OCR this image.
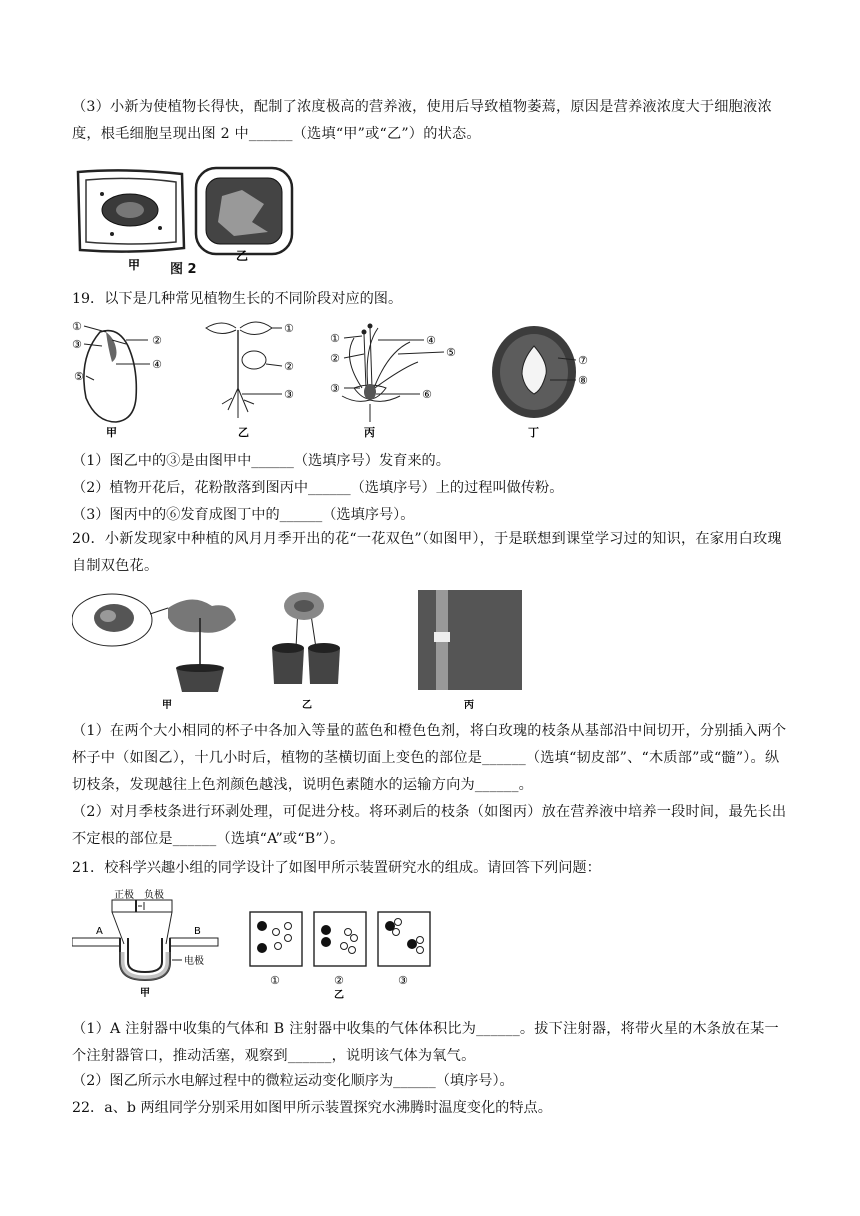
（3）小新为使植物长得快，配制了浓度极高的营养液，使用后导致植物萎蔫，原因是营养液浓度大于细胞液浓度，根毛细胞呈现出图 2 中______（选填“甲”或“乙”）的状态。
甲
乙
图 2
19．以下是几种常见植物生长的不同阶段对应的图。
①
③	②
④
⑤
甲
①
②
③
乙
①
②
③
④
⑤
⑥
丙
⑦
⑧
丁
（1）图乙中的③是由图甲中______（选填序号）发育来的。
（2）植物开花后，花粉散落到图丙中______（选填序号）上的过程叫做传粉。
（3）图丙中的⑥发育成图丁中的______（选填序号）。
20．小新发现家中种植的风月月季开出的花“一花双色”（如图甲），于是联想到课堂学习过的知识，在家用白玫瑰自制双色花。
甲	乙	丙
（1）在两个大小相同的杯子中各加入等量的蓝色和橙色色剂，将白玫瑰的枝条从基部沿中间切开，分别插入两个杯子中（如图乙），十几小时后，植物的茎横切面上变色的部位是______（选填“韧皮部”、“木质部”或“髓”）。纵切枝条，发现越往上色剂颜色越浅，说明色素随水的运输方向为______。
（2）对月季枝条进行环剥处理，可促进分枝。将环剥后的枝条（如图丙）放在营养液中培养一段时间，最先长出不定根的部位是______（选填“A”或“B”）。
21．校科学兴趣小组的同学设计了如图甲所示装置研究水的组成。请回答下列问题：
正极 负极
A	B
电极
甲
①	②	③
乙
（1）A 注射器中收集的气体和 B 注射器中收集的气体体积比为______。拔下注射器，将带火星的木条放在某一个注射器管口，推动活塞，观察到______，说明该气体为氧气。
（2）图乙所示水电解过程中的微粒运动变化顺序为______（填序号）。
22．a、b 两组同学分别采用如图甲所示装置探究水沸腾时温度变化的特点。
